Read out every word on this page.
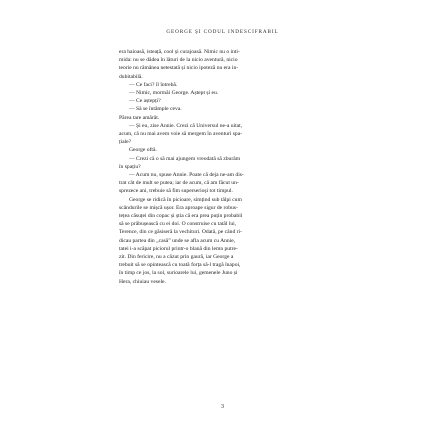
GEORGE ȘI CODUL INDESCIFRABIL

era haioasă, isteață, cool și curajoasă. Nimic nu o inti-

mida: nu se dădea în lături de la nicio aventură, nicio

teorie nu rămânea netestată și nicio ipoteză nu era in-

dubitabilă.

— Ce faci? îl întrebă.

— Nimic, mormăi George. Aștept și eu.

— Ce aștepți?

— Să se întâmple ceva.

Părea tare amărât.

— Și eu, zise Annie. Crezi că Universul ne-a uitat,

acum, că nu mai avem voie să mergem în aventuri spa-

țiale?

George oftă.

— Crezi că o să mai ajungem vreodată să zburăm

în spațiu?

— Acum nu, spuse Annie. Poate că deja ne-am dis-

trat cât de mult se putea; iar de acum, că am făcut un-

sprezece ani, trebuie să fim superserioși tot timpul.

George se ridică în picioare, simțind sub tălpi cum

scândurile se mișcă ușor. Era aproape sigur de robus-

tețea căsuței din copac și știa că era prea puțin probabil

să se prăbușească cu ei doi. O construise cu tatăl lui,

Terence, din ce găsiseră la vechituri. Odată, pe când ri-

dicau partea din „casă” unde se afla acum cu Annie,

tatei i-a scăpat piciorul printr-o blană din lemn putre-

zit. Din fericire, nu a căzut prin gaură, iar George a

trebuit să se opintească cu toată forța să-l tragă înapoi,

în timp ce jos, la sol, surioarele lui, gemenele Juno și

Hera, chiuiau vesele.

3
